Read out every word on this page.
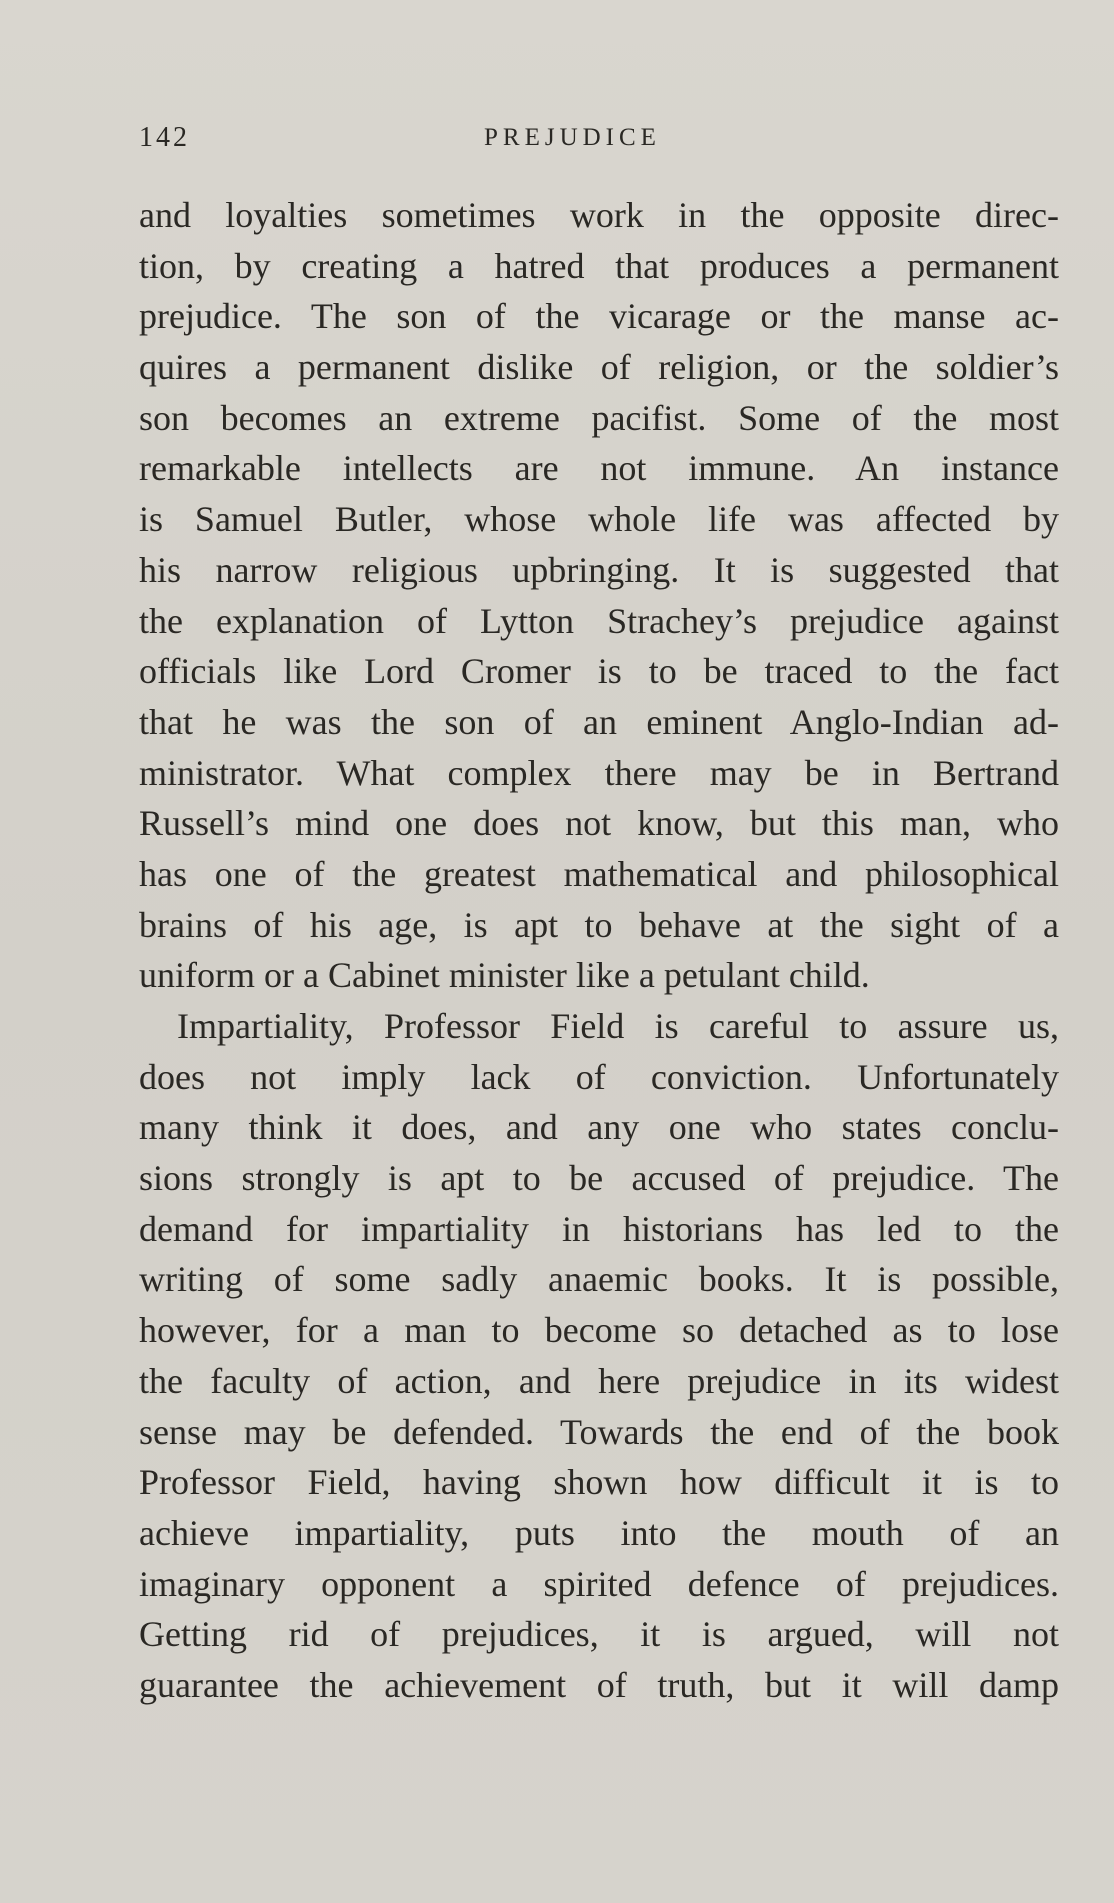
142	PREJUDICE
and loyalties sometimes work in the opposite direc-
tion, by creating a hatred that produces a permanent
prejudice. The son of the vicarage or the manse ac-
quires a permanent dislike of religion, or the soldier’s
son becomes an extreme pacifist. Some of the most
remarkable intellects are not immune. An instance
is Samuel Butler, whose whole life was affected by
his narrow religious upbringing. It is suggested that
the explanation of Lytton Strachey’s prejudice against
officials like Lord Cromer is to be traced to the fact
that he was the son of an eminent Anglo-Indian ad-
ministrator. What complex there may be in Bertrand
Russell’s mind one does not know, but this man, who
has one of the greatest mathematical and philosophical
brains of his age, is apt to behave at the sight of a
uniform or a Cabinet minister like a petulant child.
Impartiality, Professor Field is careful to assure us,
does not imply lack of conviction. Unfortunately
many think it does, and any one who states conclu-
sions strongly is apt to be accused of prejudice. The
demand for impartiality in historians has led to the
writing of some sadly anaemic books. It is possible,
however, for a man to become so detached as to lose
the faculty of action, and here prejudice in its widest
sense may be defended. Towards the end of the book
Professor Field, having shown how difficult it is to
achieve impartiality, puts into the mouth of an
imaginary opponent a spirited defence of prejudices.
Getting rid of prejudices, it is argued, will not
guarantee the achievement of truth, but it will damp
